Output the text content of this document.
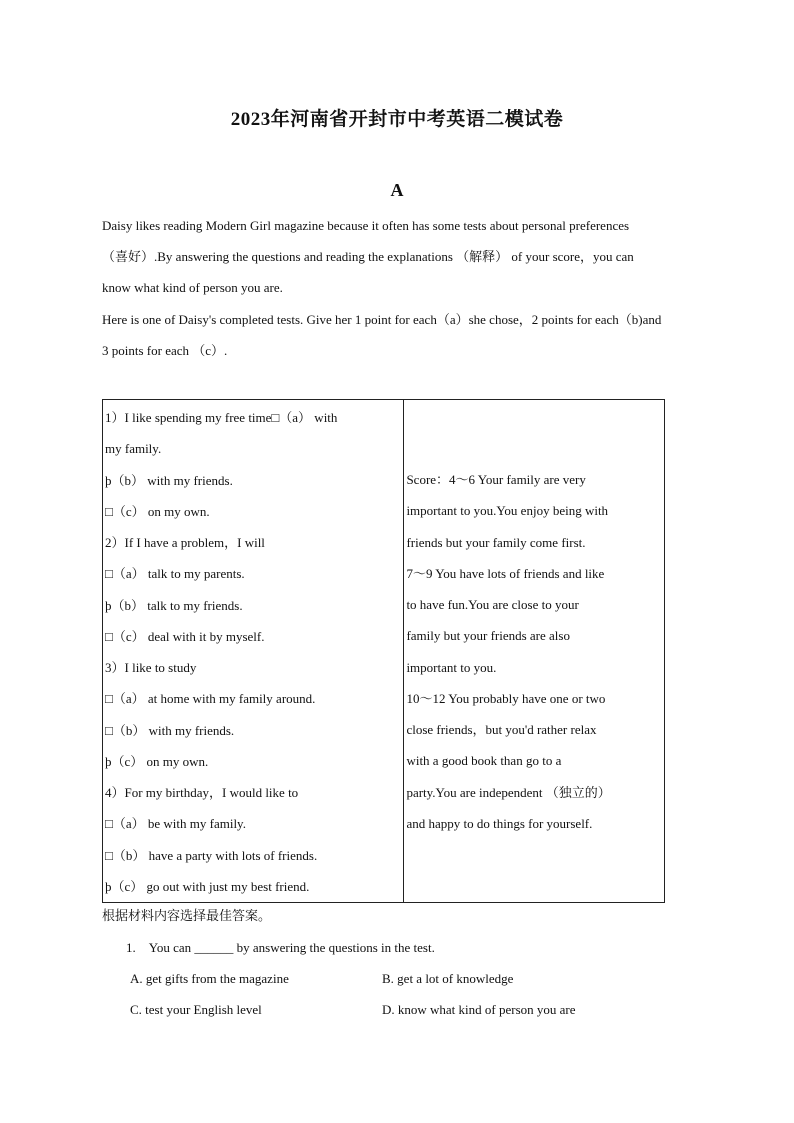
2023年河南省开封市中考英语二模试卷
A
Daisy likes reading Modern Girl magazine because it often has some tests about personal preferences
（喜好）.By answering the questions and reading the explanations （解释） of your score，you can
know what kind of person you are.
Here is one of Daisy's completed tests. Give her 1 point for each（a）she chose，2 points for each（b)and
3 points for each （c）.
1）I like spending my free time□（a） with
my family.
þ（b） with my friends.
□（c） on my own.
2）If I have a problem，I will
□（a） talk to my parents.
þ（b） talk to my friends.
□（c） deal with it by myself.
3）I like to study
□（a） at home with my family around.
□（b） with my friends.
þ（c） on my own.
4）For my birthday，I would like to
□（a） be with my family.
□（b） have a party with lots of friends.
þ（c） go out with just my best friend.

Score：4～6 Your family are very
important to you.You enjoy being with
friends but your family come first.
7～9 You have lots of friends and like
to have fun.You are close to your
family but your friends are also
important to you.
10～12 You probably have one or two
close friends，but you'd rather relax
with a good book than go to a
party.You are independent （独立的）
and happy to do things for yourself.
根据材料内容选择最佳答案。
1. You can ______ by answering the questions in the test.
A. get gifts from the magazine	B. get a lot of knowledge
C. test your English level	D. know what kind of person you are
